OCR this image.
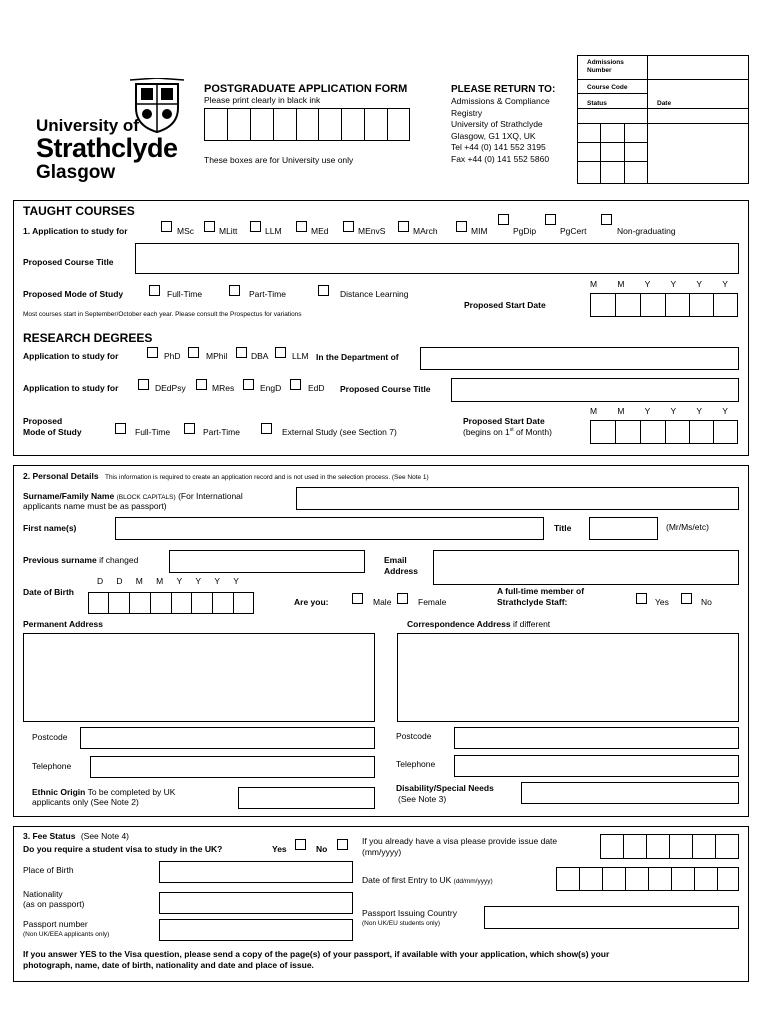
University of
Strathclyde
Glasgow
POSTGRADUATE APPLICATION FORM
Please print clearly in black ink
These boxes are for University use only
PLEASE RETURN TO:
Admissions & Compliance
Registry
University of Strathclyde
Glasgow, G1 1XQ, UK
Tel +44 (0) 141 552 3195
Fax +44 (0) 141 552 5860
Admissions Number
Course Code
Status	Date
TAUGHT COURSES
1. Application to study for	MSc	MLitt	LLM	MEd	MEnvS	MArch	MIM	PgDip	PgCert	Non-graduating
Proposed Course Title
Proposed Mode of Study	Full-Time	Part-Time	Distance Learning
M M Y Y Y Y
Proposed Start Date
Most courses start in September/October each year. Please consult the Prospectus for variations
RESEARCH DEGREES
Application to study for	PhD	MPhil	DBA	LLM In the Department of
Application to study for	DEdPsy	MRes	EngD	EdD Proposed Course Title
Proposed
Mode of Study	Full-Time	Part-Time	External Study (see Section 7)
M M Y Y Y Y
Proposed Start Date
(begins on 1st of Month)
2. Personal Details This information is required to create an application record and is not used in the selection process. (See Note 1)
Surname/Family Name (BLOCK CAPITALS) (For International
applicants name must be as passport)
First name(s)	Title	(Mr/Ms/etc)
Previous surname if changed	Email
Address
D D M M Y Y Y Y
Date of Birth
Are you:	Male	Female
A full-time member of
Strathclyde Staff:	Yes	No
Permanent Address	Correspondence Address if different
Postcode	Postcode
Telephone	Telephone
Ethnic Origin To be completed by UK
applicants only (See Note 2)
Disability/Special Needs
(See Note 3)
3. Fee Status (See Note 4)
Do you require a student visa to study in the UK?	Yes	No
If you already have a visa please provide issue date
(mm/yyyy)
Place of Birth
Date of first Entry to UK (dd/mm/yyyy)
Nationality
(as on passport)
Passport Issuing Country
(Non UK/EU students only)
Passport number
(Non UK/EEA applicants only)
If you answer YES to the Visa question, please send a copy of the page(s) of your passport, if available with your application, which show(s) your
photograph, name, date of birth, nationality and date and place of issue.
